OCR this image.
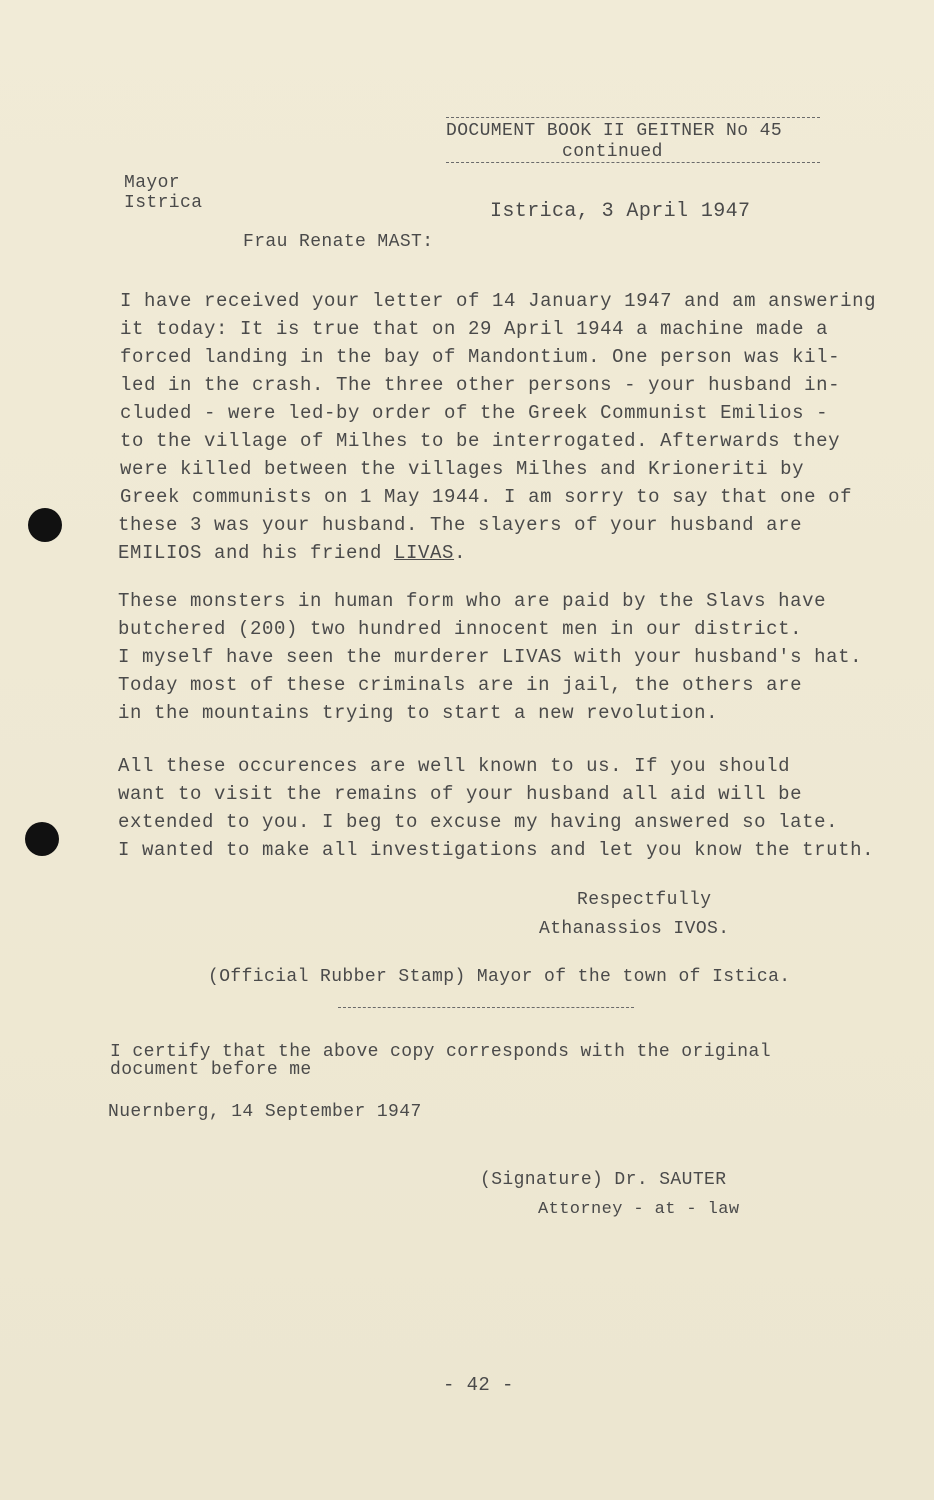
DOCUMENT BOOK II GEITNER No 45
continued
Mayor
Istrica	Istrica, 3 April 1947
Frau Renate MAST:
I have received your letter of 14 January 1947 and am answering
it today: It is true that on 29 April 1944 a machine made a
forced landing in the bay of Mandontium. One person was kil-
led in the crash. The three other persons - your husband in-
cluded - were led-by order of the Greek Communist Emilios -
to the village of Milhes to be interrogated. Afterwards they
were killed between the villages Milhes and Krioneriti by
Greek communists on 1 May 1944. I am sorry to say that one of
these 3 was your husband. The slayers of your husband are
EMILIOS and his friend LIVAS.
These monsters in human form who are paid by the Slavs have
butchered (200) two hundred innocent men in our district.
I myself have seen the murderer LIVAS with your husband's hat.
Today most of these criminals are in jail, the others are
in the mountains trying to start a new revolution.
All these occurences are well known to us. If you should
want to visit the remains of your husband all aid will be
extended to you. I beg to excuse my having answered so late.
I wanted to make all investigations and let you know the truth.
Respectfully
Athanassios IVOS.
(Official Rubber Stamp) Mayor of the town of Istica.
I certify that the above copy corresponds with the original
document before me
Nuernberg, 14 September 1947
(Signature) Dr. SAUTER
Attorney - at - law
- 42 -
